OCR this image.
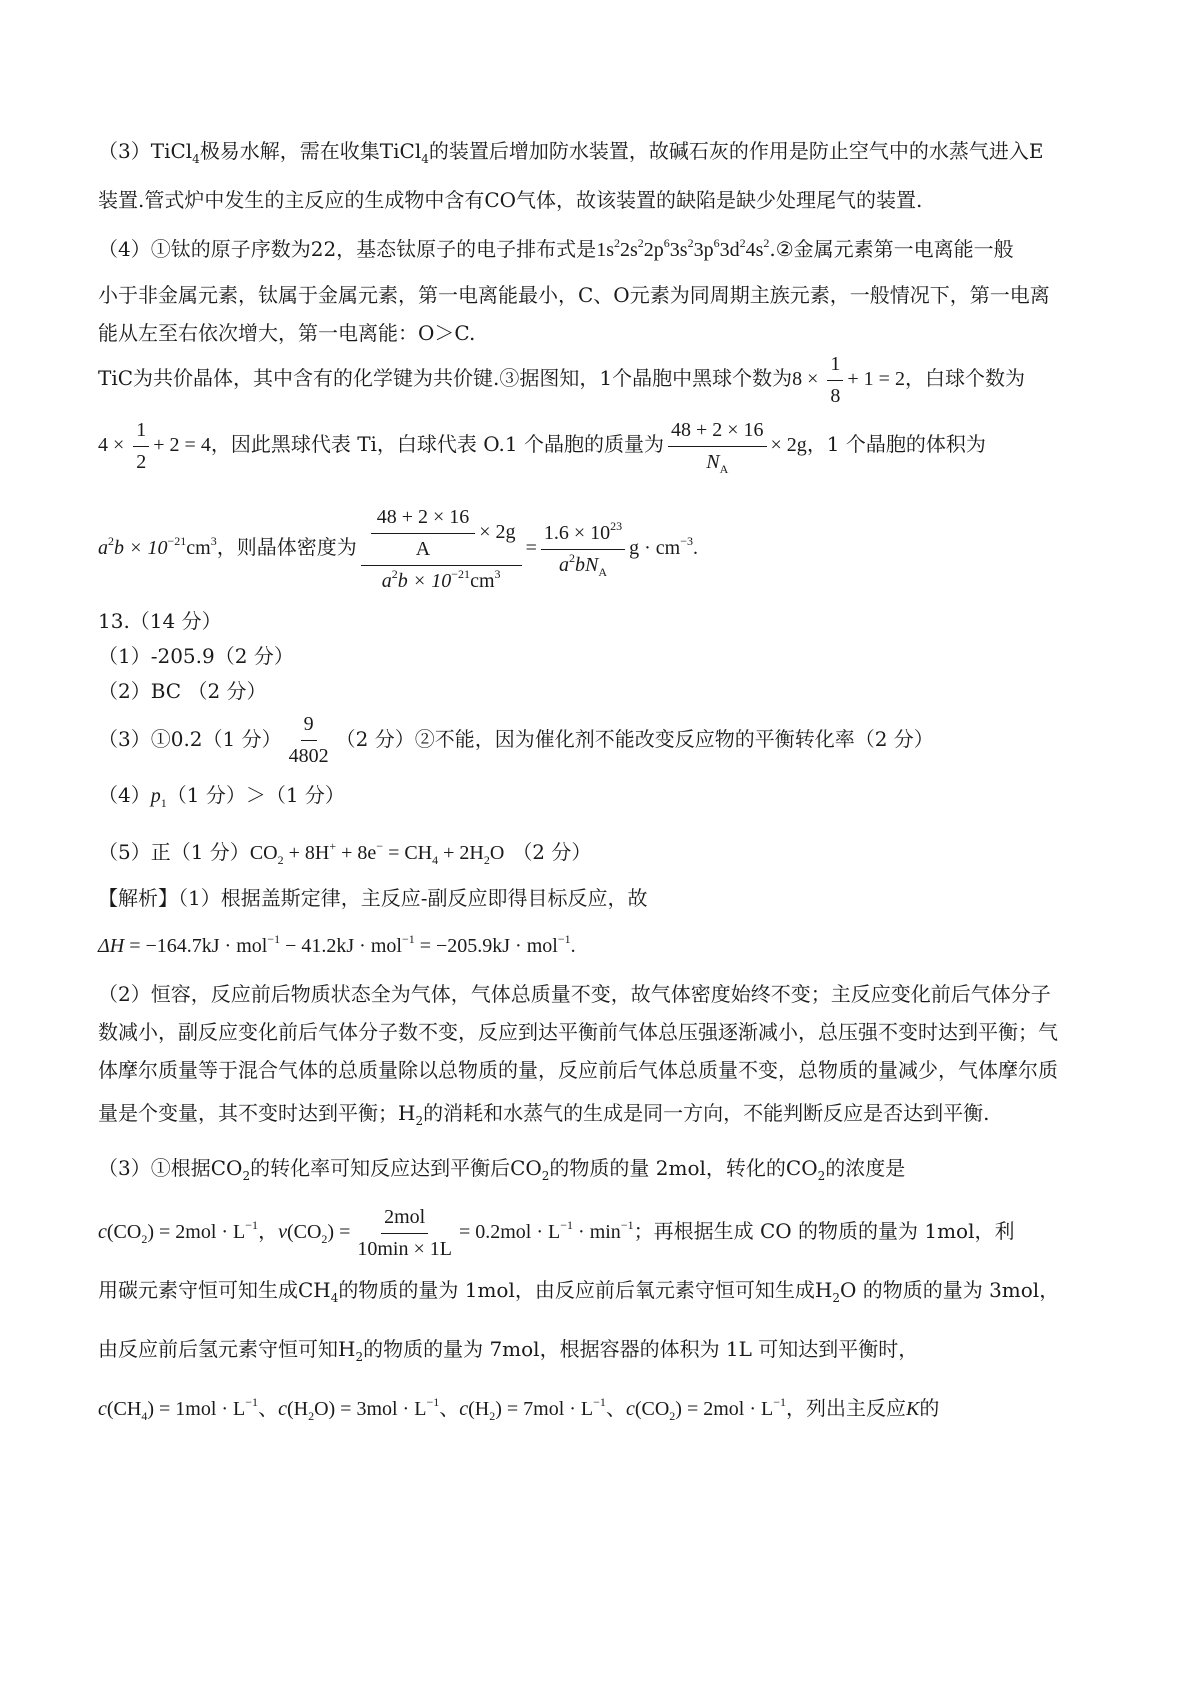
（3）TiCl$_4$极易水解，需在收集TiCl$_4$的装置后增加防水装置，故碱石灰的作用是防止空气中的水蒸气进入E
装置.管式炉中发生的主反应的生成物中含有CO气体，故该装置的缺陷是缺少处理尾气的装置.
（4）①钛的原子序数为22，基态钛原子的电子排布式是$1s^22s^22p^63s^23p^63d^24s^2.②$金属元素第一电离能一般
小于非金属元素，钛属于金属元素，第一电离能最小，C、O元素为同周期主族元素，一般情况下，第一电离
能从左至右依次增大，第一电离能：O＞C.
TiC为共价晶体，其中含有的化学键为共价键.③据图知，1个晶胞中黑球个数为$8 \times \frac{1}{8} + 1 = 2$，白球个数为
$4 \times \frac{1}{2} + 2 = 4$，因此黑球代表 Ti，白球代表 O.1 个晶胞的质量为 $\frac{48 + 2 \times 16}{N_A} \times 2g$，1 个晶胞的体积为
$a^2b \times 10^{-21}cm^3$，则晶体密度为 $\frac{\frac{48 + 2 \times 16}{A} \times 2g}{a^2b \times 10^{-21}cm^3} = \frac{1.6 \times 10^{23}}{a^2bN_A}$ $g \cdot cm^{-3}$.
13.（14 分）
（1）-205.9（2 分）
（2）BC （2 分）
（3）①0.2（1 分） $\frac{9}{4802} (2$ 分）②不能，因为催化剂不能改变反应物的平衡转化率（2 分）
$(4)p_1(1$ 分）＞（1 分）
（5）正（1 分）$CO_2 + 8H^+ + 8e^- = CH_4 + 2H_2O$ （2 分）
【解析】（1）根据盖斯定律，主反应-副反应即得目标反应，故
ΔH = −164.7kJ · mol$^{-1}$ − 41.2kJ · mol$^{-1}$ = −205.9kJ · mol$^{-1}$.
（2）恒容，反应前后物质状态全为气体，气体总质量不变，故气体密度始终不变；主反应变化前后气体分子
数减小，副反应变化前后气体分子数不变，反应到达平衡前气体总压强逐渐减小，总压强不变时达到平衡；气
体摩尔质量等于混合气体的总质量除以总物质的量，反应前后气体总质量不变，总物质的量减少，气体摩尔质
量是个变量，其不变时达到平衡；$H_2$的消耗和水蒸气的生成是同一方向，不能判断反应是否达到平衡.
（3）①根据$CO_2$的转化率可知反应达到平衡后$CO_2$的物质的量 2mol，转化的$CO_2$的浓度是
$c(CO_2) = 2mol \cdot L^{-1}$，$v(CO_2) = \frac{\text{2mol}}{10\min \times 1L} = 0.2mol \cdot L^{-1} \cdot \min^{-1}$；再根据生成 CO 的物质的量为 1mol，利
用碳元素守恒可知生成$CH_4$的物质的量为 1mol，由反应前后氧元素守恒可知生成$H_2O$ 的物质的量为 3mol，
由反应前后氢元素守恒可知$H_2$的物质的量为 7mol，根据容器的体积为 1L 可知达到平衡时，
$c(CH_4) = 1mol \cdot L^{-1}$、$c(H_2O) = 3mol \cdot L^{-1}$、$c(H_2) = 7mol \cdot L^{-1}$、$c(CO_2) = 2mol \cdot L^{-1}$，列出主反应K的
